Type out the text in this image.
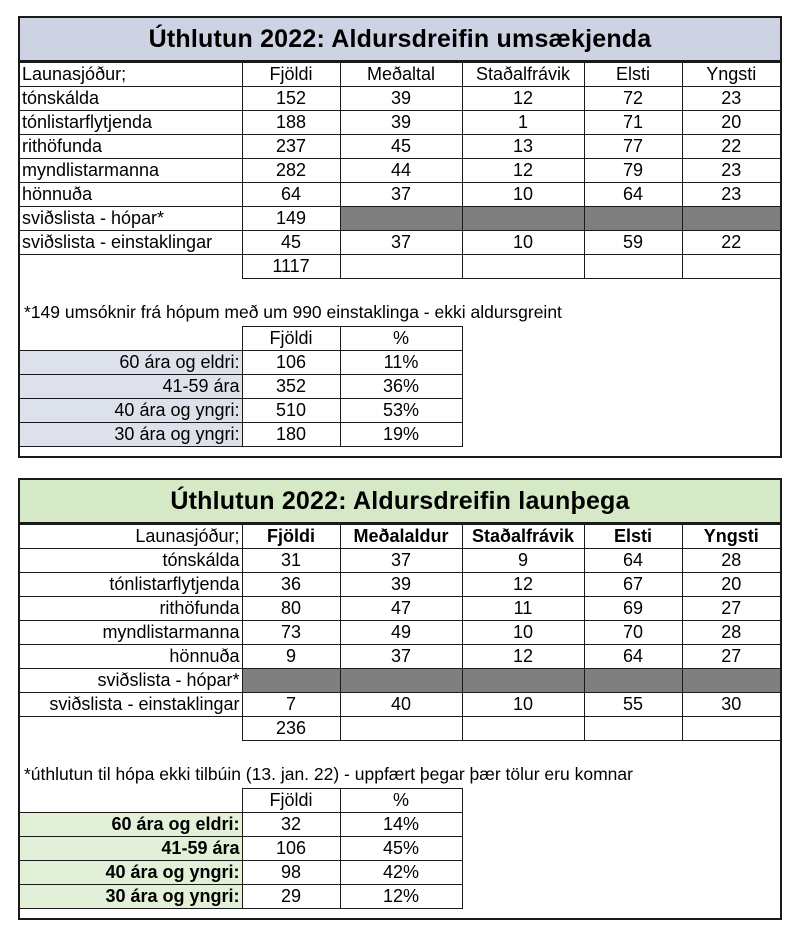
Úthlutun 2022: Aldursdreifin umsækjenda
Launasjóður;	Fjöldi	Meðaltal	Staðalfrávik	Elsti	Yngsti
tónskálda	152	39	12	72	23
tónlistarflytjenda	188	39	1	71	20
rithöfunda	237	45	13	77	22
myndlistarmanna	282	44	12	79	23
hönnuða	64	37	10	64	23
sviðslista - hópar*	149				
sviðslista - einstaklingar	45	37	10	59	22
	1117				
*149 umsóknir frá hópum með um 990 einstaklinga - ekki aldursgreint
	Fjöldi	%
60 ára og eldri:	106	11%
41-59 ára	352	36%
40 ára og yngri:	510	53%
30 ára og yngri:	180	19%
Úthlutun 2022: Aldursdreifin launþega
Launasjóður;	Fjöldi	Meðalaldur	Staðalfrávik	Elsti	Yngsti
tónskálda	31	37	9	64	28
tónlistarflytjenda	36	39	12	67	20
rithöfunda	80	47	11	69	27
myndlistarmanna	73	49	10	70	28
hönnuða	9	37	12	64	27
sviðslista - hópar*					
sviðslista - einstaklingar	7	40	10	55	30
	236				
*úthlutun til hópa ekki tilbúin (13. jan. 22) - uppfært þegar þær tölur eru komnar
	Fjöldi	%
60 ára og eldri:	32	14%
41-59 ára	106	45%
40 ára og yngri:	98	42%
30 ára og yngri:	29	12%
